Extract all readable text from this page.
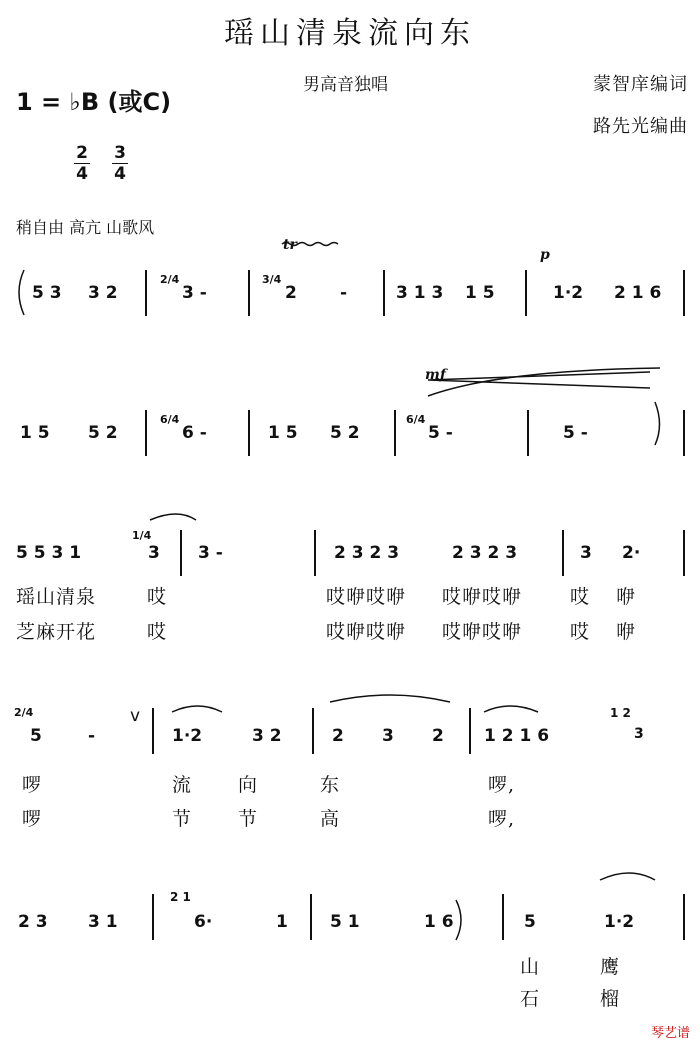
瑶山清泉流向东
1 = ♭B (或C)
男高音独唱	蒙智庠编词
路先光编曲
2
4
3
4
稍自由 高亢 山歌风
tr
p
5 3 3 2
2/4
3 -
3/4
2	-	3 1 3 1 5	1·2 2 1 6
mf
1 5 5 2
6/4
6 -	1 5 5 2
6/4
5 -	5 -
5 5 3 1
1/4
3 3 -	2 3 2 3	2 3 2 3	3 2·
瑶山清泉	哎	哎咿哎咿 哎咿哎咿	哎 咿
芝麻开花	哎	哎咿哎咿 哎咿哎咿	哎 咿
2/4
5	-
v
1·2	3 2	2 3 2 1 2 1 6
1 2
3
啰	流 向	东	啰,
啰	节 节	高	啰,
2 3 3 1
2 1
6·	1 5 1	1 6	5	1·2
山	鹰
石	榴
琴艺谱
